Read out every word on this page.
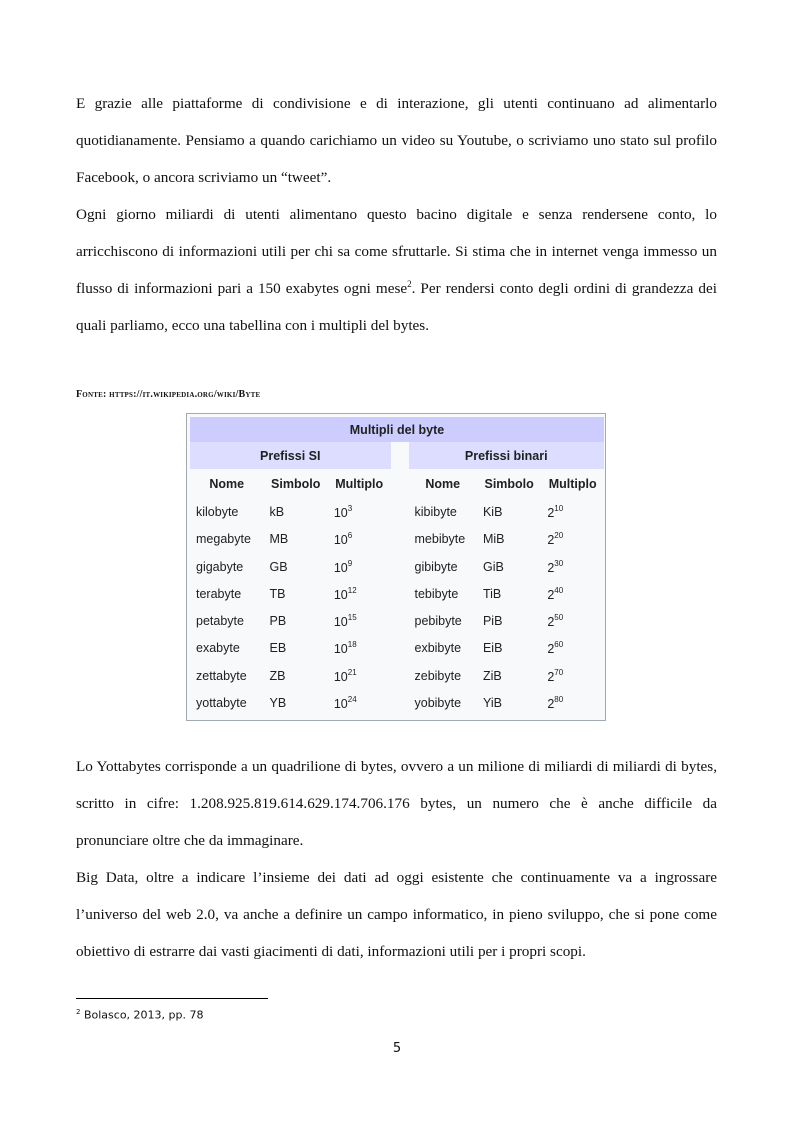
E grazie alle piattaforme di condivisione e di interazione, gli utenti continuano ad alimentarlo quotidianamente. Pensiamo a quando carichiamo un video su Youtube, o scriviamo uno stato sul profilo Facebook, o ancora scriviamo un “tweet”.

Ogni giorno miliardi di utenti alimentano questo bacino digitale e senza rendersene conto, lo arricchiscono di informazioni utili per chi sa come sfruttarle. Si stima che in internet venga immesso un flusso di informazioni pari a 150 exabytes ogni mese$^2$. Per rendersi conto degli ordini di grandezza dei quali parliamo, ecco una tabellina con i multipli del bytes.

Fonte: https://it.wikipedia.org/wiki/Byte
Multipli del byte						
Prefissi SI				Prefissi binari		
Nome	Simbolo	Multiplo		Nome	Simbolo	Multiplo
kilobyte	kB	$10^3$		kibibyte	KiB	$2^{10}$
megabyte	MB	$10^6$		mebibyte	MiB	$2^{20}$
gigabyte	GB	$10^9$		gibibyte	GiB	$2^{30}$
terabyte	TB	$10^{12}$		tebibyte	TiB	$2^{40}$
petabyte	PB	$10^{15}$		pebibyte	PiB	$2^{50}$
exabyte	EB	$10^{18}$		exbibyte	EiB	$2^{60}$
zettabyte	ZB	$10^{21}$		zebibyte	ZiB	$2^{70}$
yottabyte	YB	$10^{24}$		yobibyte	YiB	$2^{80}$

Lo Yottabytes corrisponde a un quadrilione di bytes, ovvero a un milione di miliardi di miliardi di bytes, scritto in cifre: 1.208.925.819.614.629.174.706.176 bytes, un numero che è anche difficile da pronunciare oltre che da immaginare.

Big Data, oltre a indicare l’insieme dei dati ad oggi esistente che continuamente va a ingrossare l’universo del web 2.0, va anche a definire un campo informatico, in pieno sviluppo, che si pone come obiettivo di estrarre dai vasti giacimenti di dati, informazioni utili per i propri scopi.

$^2$ Bolasco, 2013, pp. 78
5
